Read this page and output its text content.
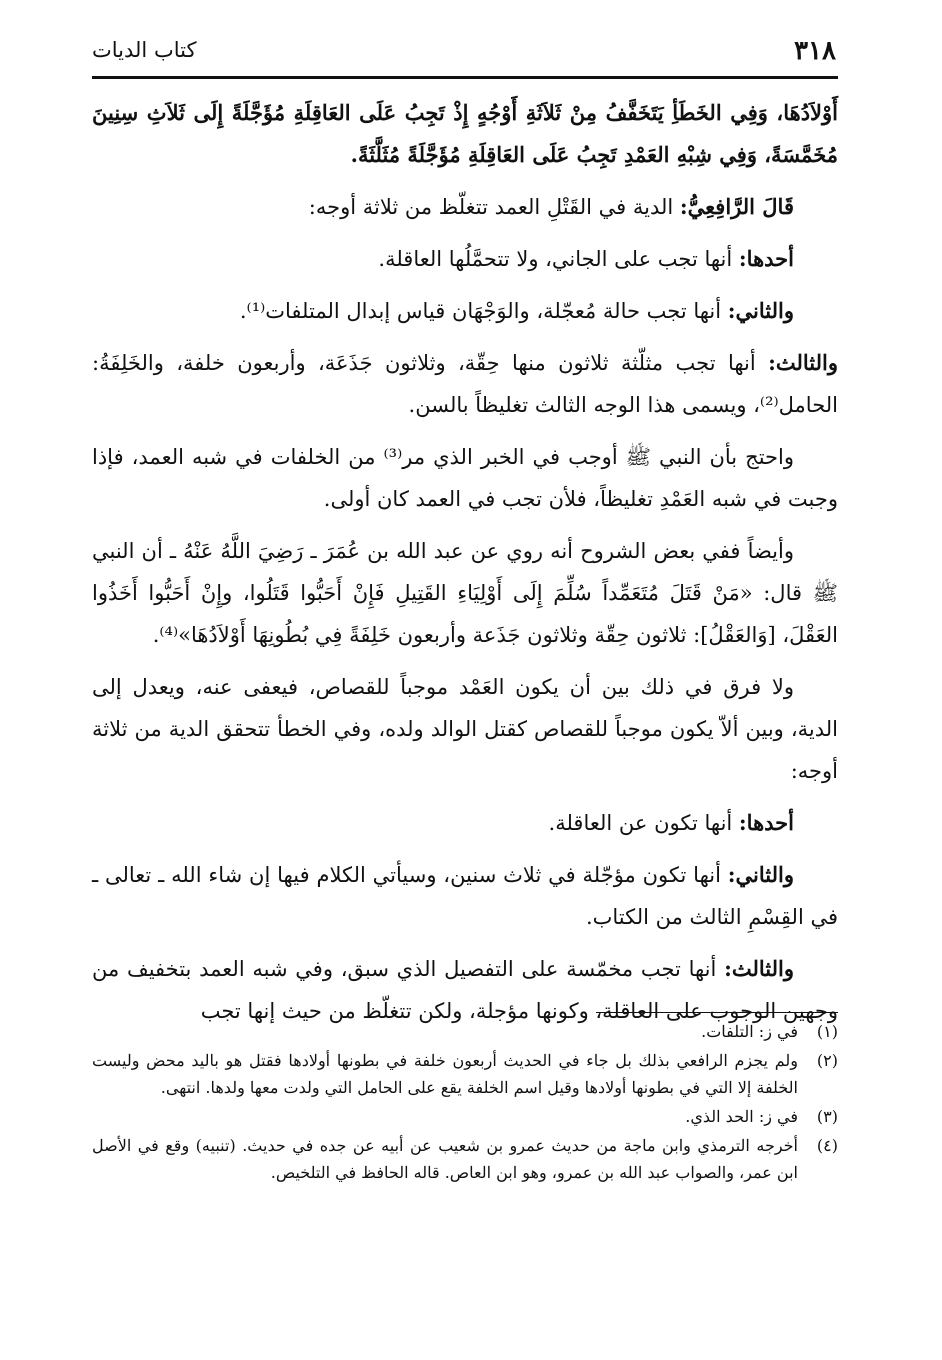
٣١٨
كتاب الديات

أَوْلاَدُهَا، وَفِي الخَطَأِ يَتَخَفَّفُ مِنْ ثَلاَثَةِ أَوْجُهٍ إِذْ تَجِبُ عَلَى العَاقِلَةِ مُؤَجَّلَةً إِلَى ثَلاَثِ سِنِينَ مُخَمَّسَةً، وَفِي شِبْهِ العَمْدِ تَجِبُ عَلَى العَاقِلَةِ مُؤَجَّلَةً مُثَلَّثَةً.

قَالَ الرَّافِعِيُّ: الدية في القَتْلِ العمد تتغلّظ من ثلاثة أوجه:

أحدها: أنها تجب على الجاني، ولا تتحمَّلُها العاقلة.

والثاني: أنها تجب حالة مُعجّلة، والوَجْهَان قياس إبدال المتلفات⁽¹⁾.

والثالث: أنها تجب مثلّثة ثلاثون منها حِقّة، وثلاثون جَذَعَة، وأربعون خلفة، والخَلِفَةُ: الحامل⁽²⁾، ويسمى هذا الوجه الثالث تغليظاً بالسن.

واحتج بأن النبي ﷺ أوجب في الخبر الذي مر⁽³⁾ من الخلفات في شبه العمد، فإذا وجبت في شبه العَمْدِ تغليظاً، فلأن تجب في العمد كان أولى.

وأيضاً ففي بعض الشروح أنه روي عن عبد الله بن عُمَرَ ـ رَضِيَ اللَّهُ عَنْهُ ـ أن النبي ﷺ قال: «مَنْ قَتَلَ مُتَعَمِّداً سُلِّمَ إِلَى أَوْلِيَاءِ القَتِيلِ فَإِنْ أَحَبُّوا قَتَلُوا، وإِنْ أَحَبُّوا أَخَذُوا العَقْلَ، [وَالعَقْلُ]: ثلاثون حِقّة وثلاثون جَذَعة وأربعون خَلِفَةً فِي بُطُونِهَا أَوْلاَدُهَا»⁽⁴⁾.

ولا فرق في ذلك بين أن يكون العَمْد موجباً للقصاص، فيعفى عنه، ويعدل إلى الدية، وبين ألاّ يكون موجباً للقصاص كقتل الوالد ولده، وفي الخطأ تتحقق الدية من ثلاثة أوجه:

أحدها: أنها تكون عن العاقلة.

والثاني: أنها تكون مؤجّلة في ثلاث سنين، وسيأتي الكلام فيها إن شاء الله ـ تعالى ـ في القِسْمِ الثالث من الكتاب.

والثالث: أنها تجب مخمّسة على التفصيل الذي سبق، وفي شبه العمد بتخفيف من وجهين الوجوب على العاقلة، وكونها مؤجلة، ولكن تتغلّظ من حيث إنها تجب

(١)
في ز: التلفات.
(٢)
ولم يجزم الرافعي بذلك بل جاء في الحديث أربعون خلفة في بطونها أولادها فقتل هو باليد محض وليست الخلفة إلا التي في بطونها أولادها وقيل اسم الخلفة يقع على الحامل التي ولدت معها ولدها. انتهى.
(٣)
في ز: الحد الذي.
(٤)
أخرجه الترمذي وابن ماجة من حديث عمرو بن شعيب عن أبيه عن جده في حديث. (تنبيه) وقع في الأصل ابن عمر، والصواب عبد الله بن عمرو، وهو ابن العاص. قاله الحافظ في التلخيص.
